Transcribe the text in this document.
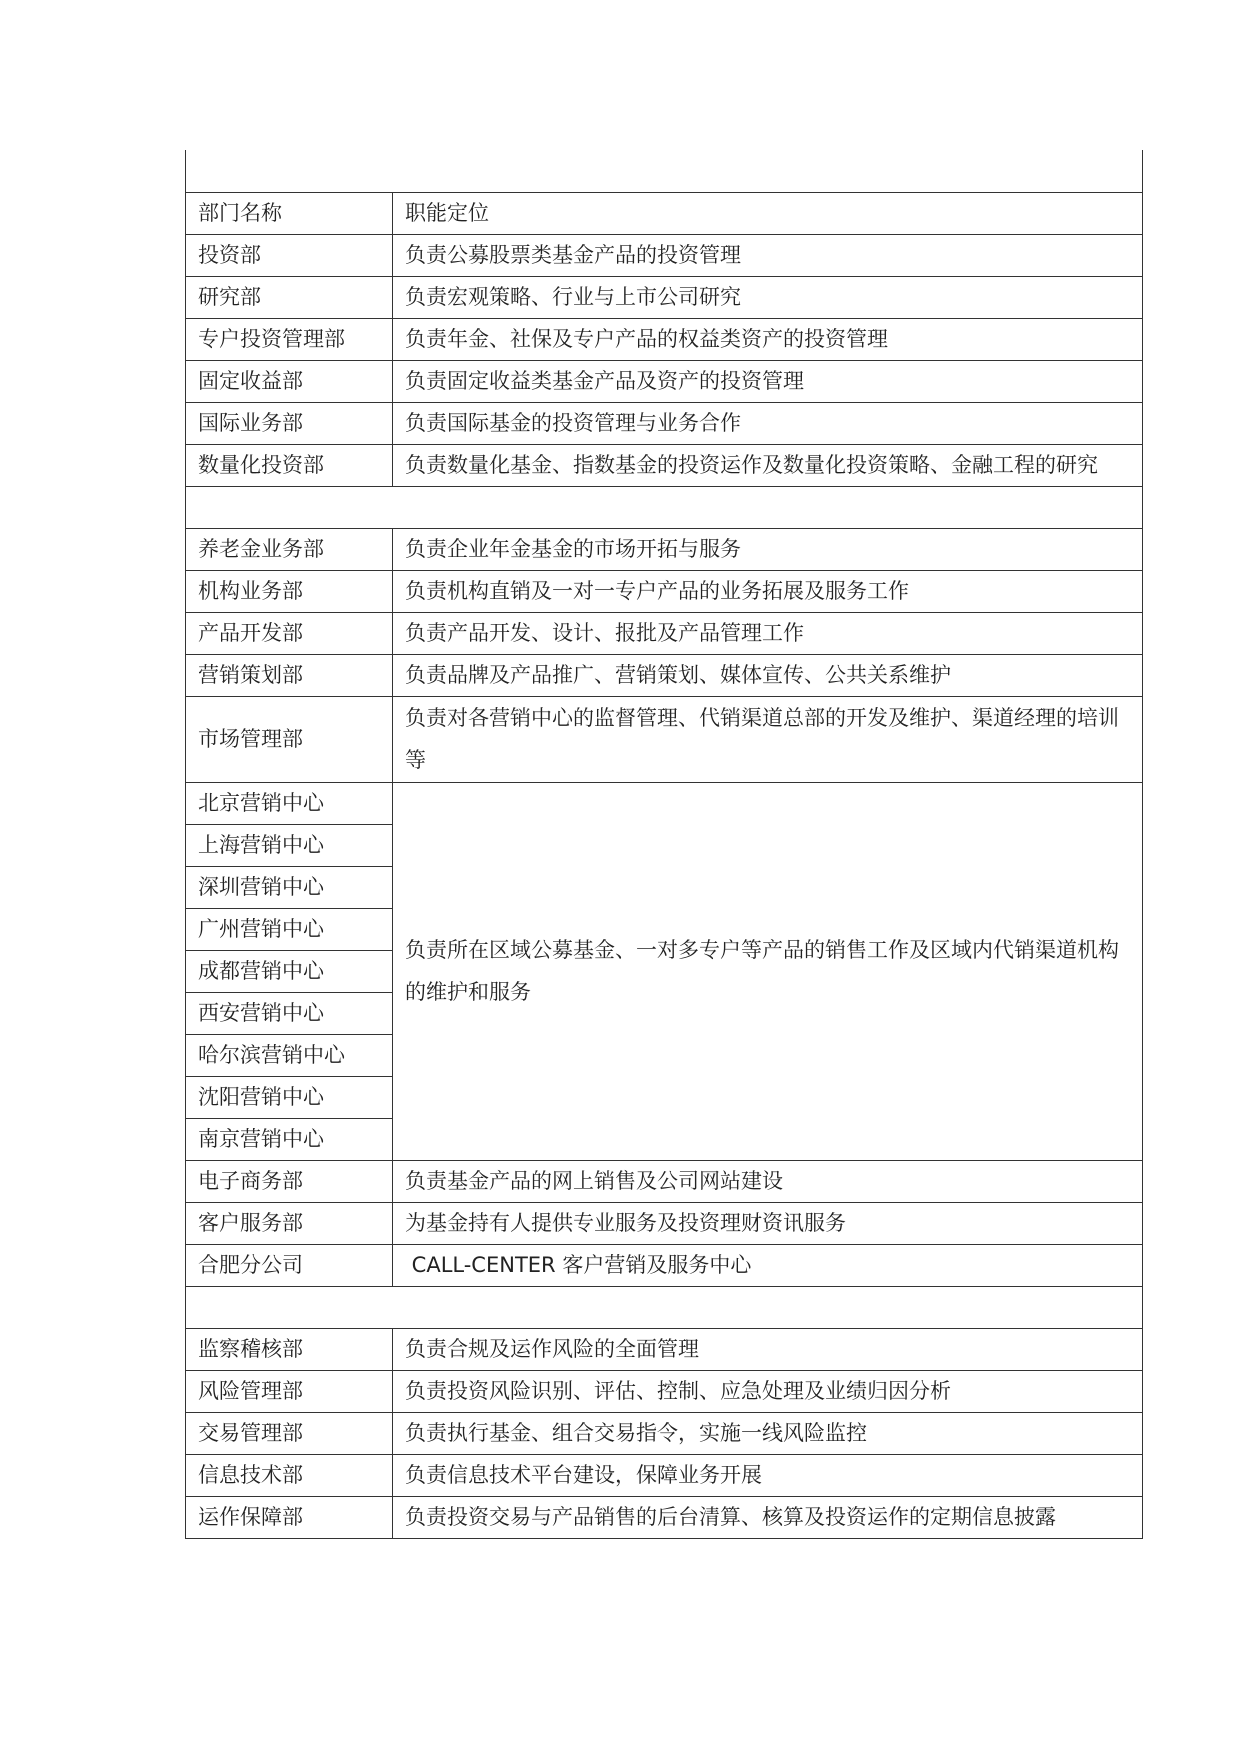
部门名称	职能定位
投资部	负责公募股票类基金产品的投资管理
研究部	负责宏观策略、行业与上市公司研究
专户投资管理部	负责年金、社保及专户产品的权益类资产的投资管理
固定收益部	负责固定收益类基金产品及资产的投资管理
国际业务部	负责国际基金的投资管理与业务合作
数量化投资部	负责数量化基金、指数基金的投资运作及数量化投资策略、金融工程的研究

养老金业务部	负责企业年金基金的市场开拓与服务
机构业务部	负责机构直销及一对一专户产品的业务拓展及服务工作
产品开发部	负责产品开发、设计、报批及产品管理工作
营销策划部	负责品牌及产品推广、营销策划、媒体宣传、公共关系维护
市场管理部	负责对各营销中心的监督管理、代销渠道总部的开发及维护、渠道经理的培训等
北京营销中心	负责所在区域公募基金、一对多专户等产品的销售工作及区域内代销渠道机构的维护和服务
上海营销中心	
深圳营销中心	
广州营销中心	
成都营销中心	
西安营销中心	
哈尔滨营销中心	
沈阳营销中心	
南京营销中心	
电子商务部	负责基金产品的网上销售及公司网站建设
客户服务部	为基金持有人提供专业服务及投资理财资讯服务
合肥分公司	CALL-CENTER 客户营销及服务中心

监察稽核部	负责合规及运作风险的全面管理
风险管理部	负责投资风险识别、评估、控制、应急处理及业绩归因分析
交易管理部	负责执行基金、组合交易指令，实施一线风险监控
信息技术部	负责信息技术平台建设，保障业务开展
运作保障部	负责投资交易与产品销售的后台清算、核算及投资运作的定期信息披露
